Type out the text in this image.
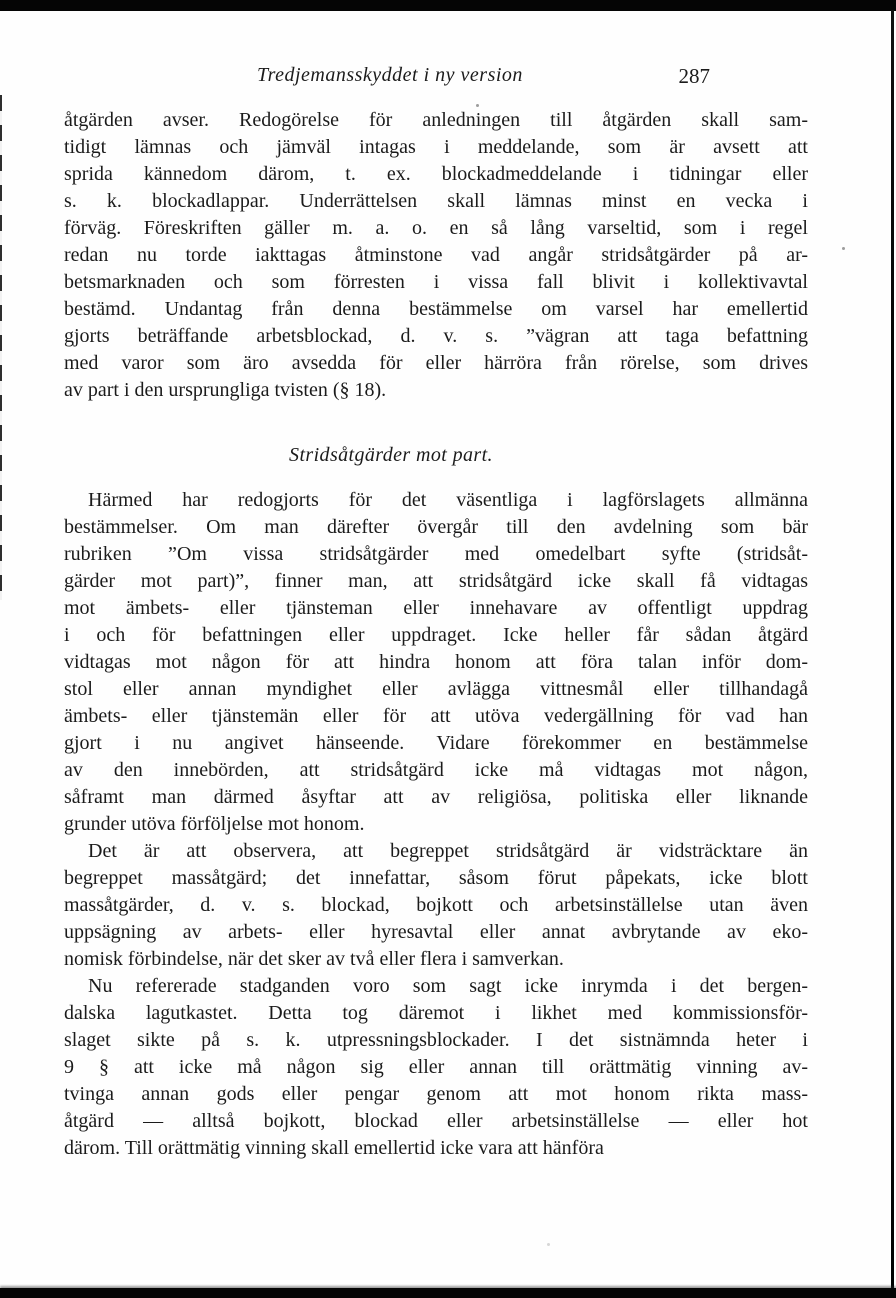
Tredjemansskyddet i ny version	287
åtgärden avser. Redogörelse för anledningen till åtgärden skall sam-
tidigt lämnas och jämväl intagas i meddelande, som är avsett att
sprida kännedom därom, t. ex. blockadmeddelande i tidningar eller
s. k. blockadlappar. Underrättelsen skall lämnas minst en vecka i
förväg. Föreskriften gäller m. a. o. en så lång varseltid, som i regel
redan nu torde iakttagas åtminstone vad angår stridsåtgärder på ar-
betsmarknaden och som förresten i vissa fall blivit i kollektivavtal
bestämd. Undantag från denna bestämmelse om varsel har emellertid
gjorts beträffande arbetsblockad, d. v. s. ”vägran att taga befattning
med varor som äro avsedda för eller härröra från rörelse, som drives
av part i den ursprungliga tvisten (§ 18).
Stridsåtgärder mot part.
Härmed har redogjorts för det väsentliga i lagförslagets allmänna
bestämmelser. Om man därefter övergår till den avdelning som bär
rubriken ”Om vissa stridsåtgärder med omedelbart syfte (stridsåt-
gärder mot part)”, finner man, att stridsåtgärd icke skall få vidtagas
mot ämbets- eller tjänsteman eller innehavare av offentligt uppdrag
i och för befattningen eller uppdraget. Icke heller får sådan åtgärd
vidtagas mot någon för att hindra honom att föra talan inför dom-
stol eller annan myndighet eller avlägga vittnesmål eller tillhandagå
ämbets- eller tjänstemän eller för att utöva vedergällning för vad han
gjort i nu angivet hänseende. Vidare förekommer en bestämmelse
av den innebörden, att stridsåtgärd icke må vidtagas mot någon,
såframt man därmed åsyftar att av religiösa, politiska eller liknande
grunder utöva förföljelse mot honom.
Det är att observera, att begreppet stridsåtgärd är vidsträcktare än
begreppet massåtgärd; det innefattar, såsom förut påpekats, icke blott
massåtgärder, d. v. s. blockad, bojkott och arbetsinställelse utan även
uppsägning av arbets- eller hyresavtal eller annat avbrytande av eko-
nomisk förbindelse, när det sker av två eller flera i samverkan.
Nu refererade stadganden voro som sagt icke inrymda i det bergen-
dalska lagutkastet. Detta tog däremot i likhet med kommissionsför-
slaget sikte på s. k. utpressningsblockader. I det sistnämnda heter i
9 § att icke må någon sig eller annan till orättmätig vinning av-
tvinga annan gods eller pengar genom att mot honom rikta mass-
åtgärd — alltså bojkott, blockad eller arbetsinställelse — eller hot
därom. Till orättmätig vinning skall emellertid icke vara att hänföra
